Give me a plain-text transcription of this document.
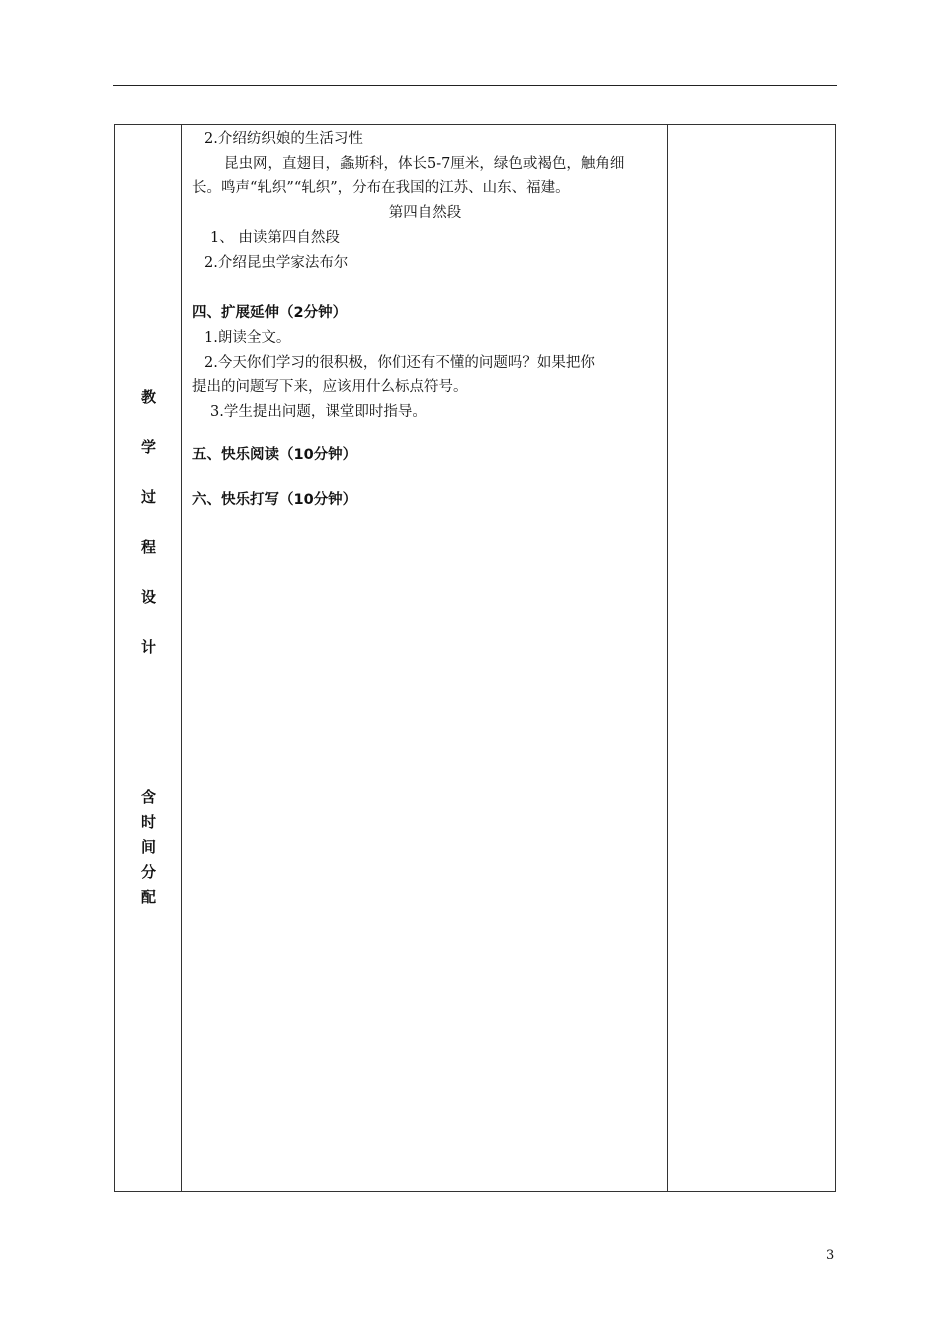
教
学
过
程
设
计
含
时
间
分
配
2.介绍纺织娘的生活习性
昆虫网，直翅目，螽斯科，体长5-7厘米，绿色或褐色，触角细
长。鸣声“轧织”“轧织”，分布在我国的江苏、山东、福建。
第四自然段
1、 由读第四自然段
2.介绍昆虫学家法布尔
四、扩展延伸（2分钟）
1.朗读全文。
2.今天你们学习的很积极，你们还有不懂的问题吗？如果把你
提出的问题写下来，应该用什么标点符号。
3.学生提出问题，课堂即时指导。
五、快乐阅读（10分钟）
六、快乐打写（10分钟）
3
